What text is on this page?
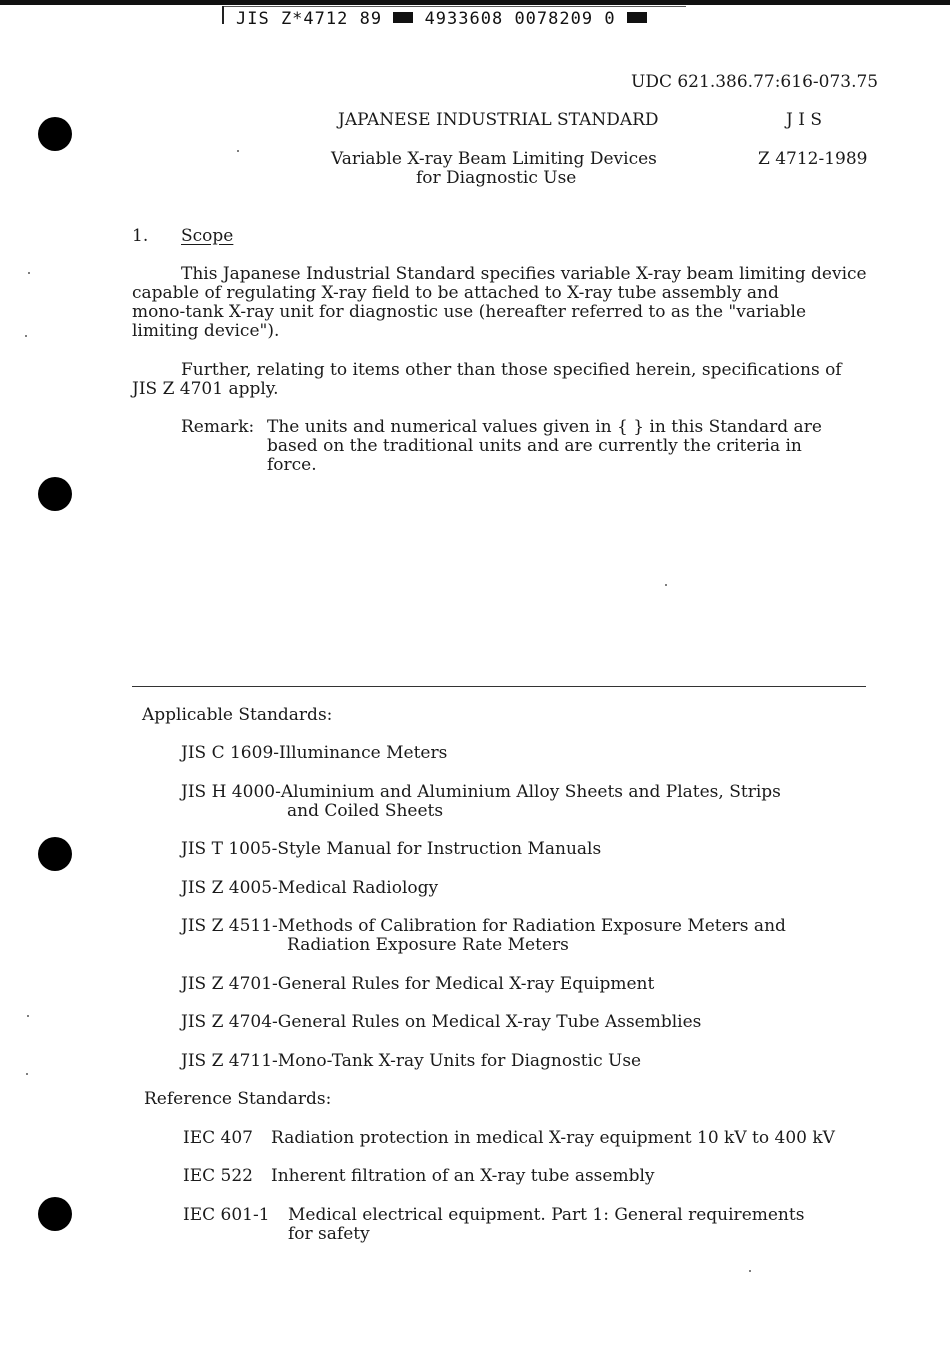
JIS Z*4712 89	4933608 0078209 0
UDC 621.386.77:616-073.75
JAPANESE INDUSTRIAL STANDARD	J I S
Variable X-ray Beam Limiting Devices
for Diagnostic Use
Z 4712-1989
1. Scope
This Japanese Industrial Standard specifies variable X-ray beam limiting device
capable of regulating X-ray field to be attached to X-ray tube assembly and
mono-tank X-ray unit for diagnostic use (hereafter referred to as the "variable
limiting device").
Further, relating to items other than those specified herein, specifications of
JIS Z 4701 apply.
Remark: The units and numerical values given in { } in this Standard are
based on the traditional units and are currently the criteria in
force.
Applicable Standards:
JIS C 1609-Illuminance Meters
JIS H 4000-Aluminium and Aluminium Alloy Sheets and Plates, Strips
and Coiled Sheets
JIS T 1005-Style Manual for Instruction Manuals
JIS Z 4005-Medical Radiology
JIS Z 4511-Methods of Calibration for Radiation Exposure Meters and
Radiation Exposure Rate Meters
JIS Z 4701-General Rules for Medical X-ray Equipment
JIS Z 4704-General Rules on Medical X-ray Tube Assemblies
JIS Z 4711-Mono-Tank X-ray Units for Diagnostic Use
Reference Standards:
IEC 407 Radiation protection in medical X-ray equipment 10 kV to 400 kV
IEC 522 Inherent filtration of an X-ray tube assembly
IEC 601-1 Medical electrical equipment. Part 1: General requirements
for safety
